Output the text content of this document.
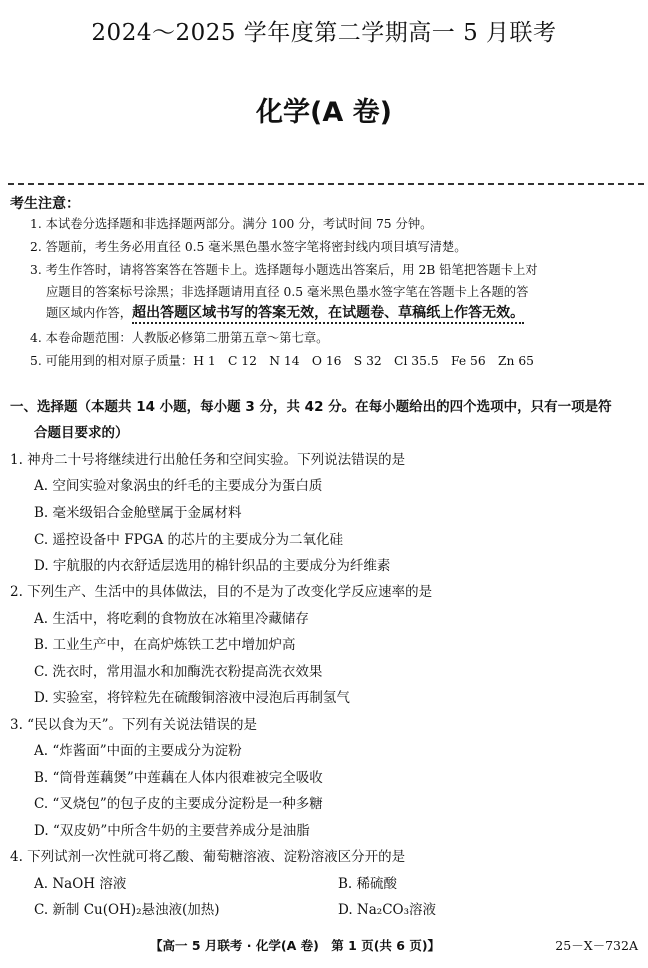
2024～2025 学年度第二学期高一 5 月联考
化学(A 卷)
考生注意：
1. 本试卷分选择题和非选择题两部分。满分 100 分，考试时间 75 分钟。
2. 答题前，考生务必用直径 0.5 毫米黑色墨水签字笔将密封线内项目填写清楚。
3. 考生作答时，请将答案答在答题卡上。选择题每小题选出答案后，用 2B 铅笔把答题卡上对
应题目的答案标号涂黑；非选择题请用直径 0.5 毫米黑色墨水签字笔在答题卡上各题的答
题区域内作答，超出答题区域书写的答案无效，在试题卷、草稿纸上作答无效。
4. 本卷命题范围：人教版必修第二册第五章～第七章。
5. 可能用到的相对原子质量：H 1　C 12　N 14　O 16　S 32　Cl 35.5　Fe 56　Zn 65
一、选择题（本题共 14 小题，每小题 3 分，共 42 分。在每小题给出的四个选项中，只有一项是符
合题目要求的）
1. 神舟二十号将继续进行出舱任务和空间实验。下列说法错误的是
A. 空间实验对象涡虫的纤毛的主要成分为蛋白质
B. 毫米级铝合金舱壁属于金属材料
C. 遥控设备中 FPGA 的芯片的主要成分为二氧化硅
D. 宇航服的内衣舒适层选用的棉针织品的主要成分为纤维素
2. 下列生产、生活中的具体做法，目的不是为了改变化学反应速率的是
A. 生活中，将吃剩的食物放在冰箱里冷藏储存
B. 工业生产中，在高炉炼铁工艺中增加炉高
C. 洗衣时，常用温水和加酶洗衣粉提高洗衣效果
D. 实验室，将锌粒先在硫酸铜溶液中浸泡后再制氢气
3. “民以食为天”。下列有关说法错误的是
A. “炸酱面”中面的主要成分为淀粉
B. “筒骨莲藕煲”中莲藕在人体内很难被完全吸收
C. “叉烧包”的包子皮的主要成分淀粉是一种多糖
D. “双皮奶”中所含牛奶的主要营养成分是油脂
4. 下列试剂一次性就可将乙酸、葡萄糖溶液、淀粉溶液区分开的是
A. NaOH 溶液	B. 稀硫酸
C. 新制 Cu(OH)₂悬浊液(加热)	D. Na₂CO₃溶液
【高一 5 月联考 · 化学(A 卷)　第 1 页(共 6 页)】	25－X－732A
